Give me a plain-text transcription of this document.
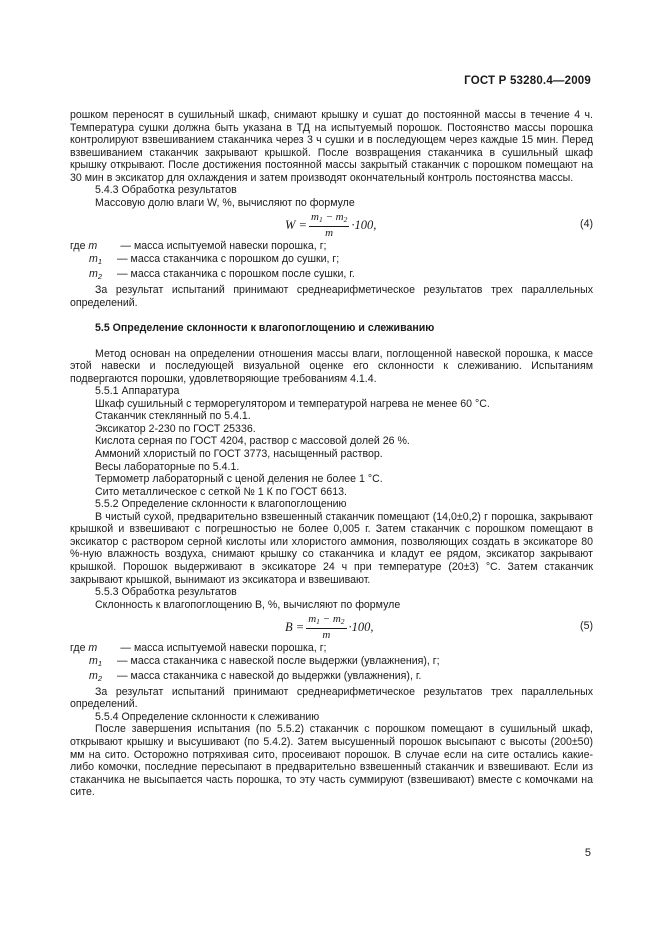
ГОСТ Р 53280.4—2009

рошком переносят в сушильный шкаф, снимают крышку и сушат до постоянной массы в течение 4 ч. Температура сушки должна быть указана в ТД на испытуемый порошок. Постоянство массы порошка контролируют взвешиванием стаканчика через 3 ч сушки и в последующем через каждые 15 мин. Перед взвешиванием стаканчик закрывают крышкой. После возвращения стаканчика в сушильный шкаф крышку открывают. После достижения постоянной массы закрытый стаканчик с порошком помещают на 30 мин в эксикатор для охлаждения и затем производят окончательный контроль постоянства массы.

5.4.3 Обработка результатов

Массовую долю влаги W, %, вычисляют по формуле

$W = \frac{m_1 - m_2}{m} \cdot 100$,	(4)

где m — масса испытуемой навески порошка, г;

$m_1$ — масса стаканчика с порошком до сушки, г;

$m_2$ — масса стаканчика с порошком после сушки, г.

За результат испытаний принимают среднеарифметическое результатов трех параллельных определений.

5.5 Определение склонности к влагопоглощению и слеживанию

Метод основан на определении отношения массы влаги, поглощенной навеской порошка, к массе этой навески и последующей визуальной оценке его склонности к слеживанию. Испытаниям подвергаются порошки, удовлетворяющие требованиям 4.1.4.

5.5.1 Аппаратура

Шкаф сушильный с терморегулятором и температурой нагрева не менее 60 °С.

Стаканчик стеклянный по 5.4.1.

Эксикатор 2-230 по ГОСТ 25336.

Кислота серная по ГОСТ 4204, раствор с массовой долей 26 %.

Аммоний хлористый по ГОСТ 3773, насыщенный раствор.

Весы лабораторные по 5.4.1.

Термометр лабораторный с ценой деления не более 1 °С.

Сито металлическое с сеткой № 1 К по ГОСТ 6613.

5.5.2 Определение склонности к влагопоглощению

В чистый сухой, предварительно взвешенный стаканчик помещают (14,0±0,2) г порошка, закрывают крышкой и взвешивают с погрешностью не более 0,005 г. Затем стаканчик с порошком помещают в эксикатор с раствором серной кислоты или хлористого аммония, позволяющих создать в эксикаторе 80 %-ную влажность воздуха, снимают крышку со стаканчика и кладут ее рядом, эксикатор закрывают крышкой. Порошок выдерживают в эксикаторе 24 ч при температуре (20±3) °С. Затем стаканчик закрывают крышкой, вынимают из эксикатора и взвешивают.

5.5.3 Обработка результатов

Склонность к влагопоглощению B, %, вычисляют по формуле

$B = \frac{m_1 - m_2}{m} \cdot 100$,	(5)

где m — масса испытуемой навески порошка, г;

$m_1$ — масса стаканчика с навеской после выдержки (увлажнения), г;

$m_2$ — масса стаканчика с навеской до выдержки (увлажнения), г.

За результат испытаний принимают среднеарифметическое результатов трех параллельных определений.

5.5.4 Определение склонности к слеживанию

После завершения испытания (по 5.5.2) стаканчик с порошком помещают в сушильный шкаф, открывают крышку и высушивают (по 5.4.2). Затем высушенный порошок высыпают с высоты (200±50) мм на сито. Осторожно потряхивая сито, просеивают порошок. В случае если на сите остались какие-либо комочки, последние пересыпают в предварительно взвешенный стаканчик и взвешивают. Если из стаканчика не высыпается часть порошка, то эту часть суммируют (взвешивают) вместе с комочками на сите.

5
